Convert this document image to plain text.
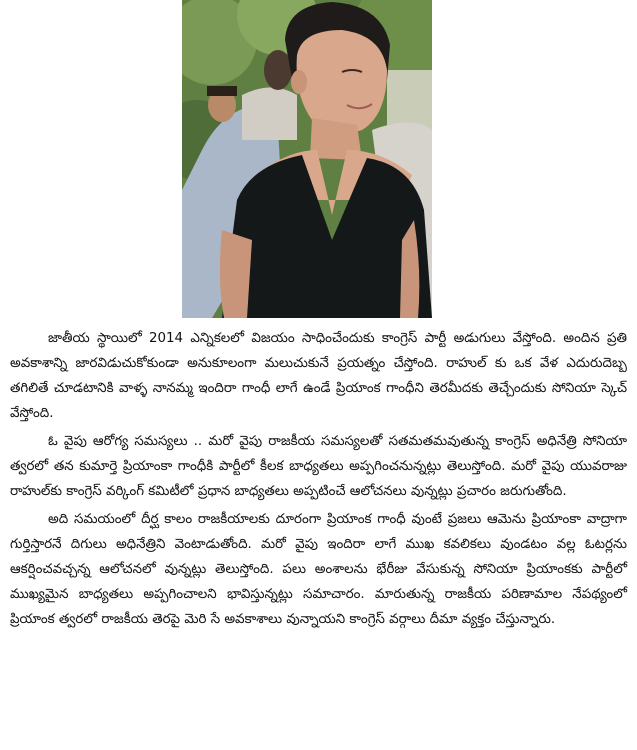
జాతీయ స్థాయిలో 2014 ఎన్నికలలో విజయం సాధించేందుకు కాంగ్రెస్ పార్టీ అడుగులు వేస్తోంది. అందిన ప్రతి అవకాశాన్ని జారవిడుచుకోకుండా అనుకూలంగా మలుచుకునే ప్రయత్నం చేస్తోంది. రాహుల్ కు ఒక వేళ ఎదురుదెబ్బ తగిలితే చూడటానికి వాళ్ళ నానమ్మ ఇందిరా గాంధీ లాగే ఉండే ప్రియాంక గాంధీని తెరమీదకు తెచ్చేందుకు సోనియా స్కెచ్ వేస్తోంది.

ఓ వైపు ఆరోగ్య సమస్యలు .. మరో వైపు రాజకీయ సమస్యలతో సతమతమవుతున్న కాంగ్రెస్ అధినేత్రి సోనియా త్వరలో తన కుమార్తె ప్రియాంకా గాంధీకి పార్టీలో కీలక బాధ్యతలు అప్పగించనున్నట్లు తెలుస్తోంది. మరో వైపు యువరాజు రాహుల్‌కు కాంగ్రెస్ వర్కింగ్ కమిటీలో ప్రధాన బాధ్యతలు అప్పటించే ఆలోచనలు వున్నట్లు ప్రచారం జరుగుతోంది.

అది సమయంలో దీర్ఘ కాలం రాజకీయాలకు దూరంగా ప్రియాంక గాంధీ వుంటే ప్రజలు ఆమెను ప్రియాంకా వాద్రాగా గుర్తిస్తారనే దిగులు అధినేత్రిని వెంటాడుతోంది. మరో వైపు ఇందిరా లాగే ముఖ కవలికలు వుండటం వల్ల ఓటర్లను ఆకర్షించవచ్చన్న ఆలోచనలో వున్నట్లు తెలుస్తోంది. పలు అంశాలను భేరీజు వేసుకున్న సోనియా ప్రియాంకకు పార్టీలో ముఖ్యమైన బాధ్యతలు అప్పగించాలని భావిస్తున్నట్లు సమాచారం. మారుతున్న రాజకీయ పరిణామాల నేపథ్యంలో ప్రియాంక త్వరలో రాజకీయ తెరపై మెరి సే అవకాశాలు వున్నాయని కాంగ్రెస్ వర్గాలు దీమా వ్యక్తం చేస్తున్నారు.
